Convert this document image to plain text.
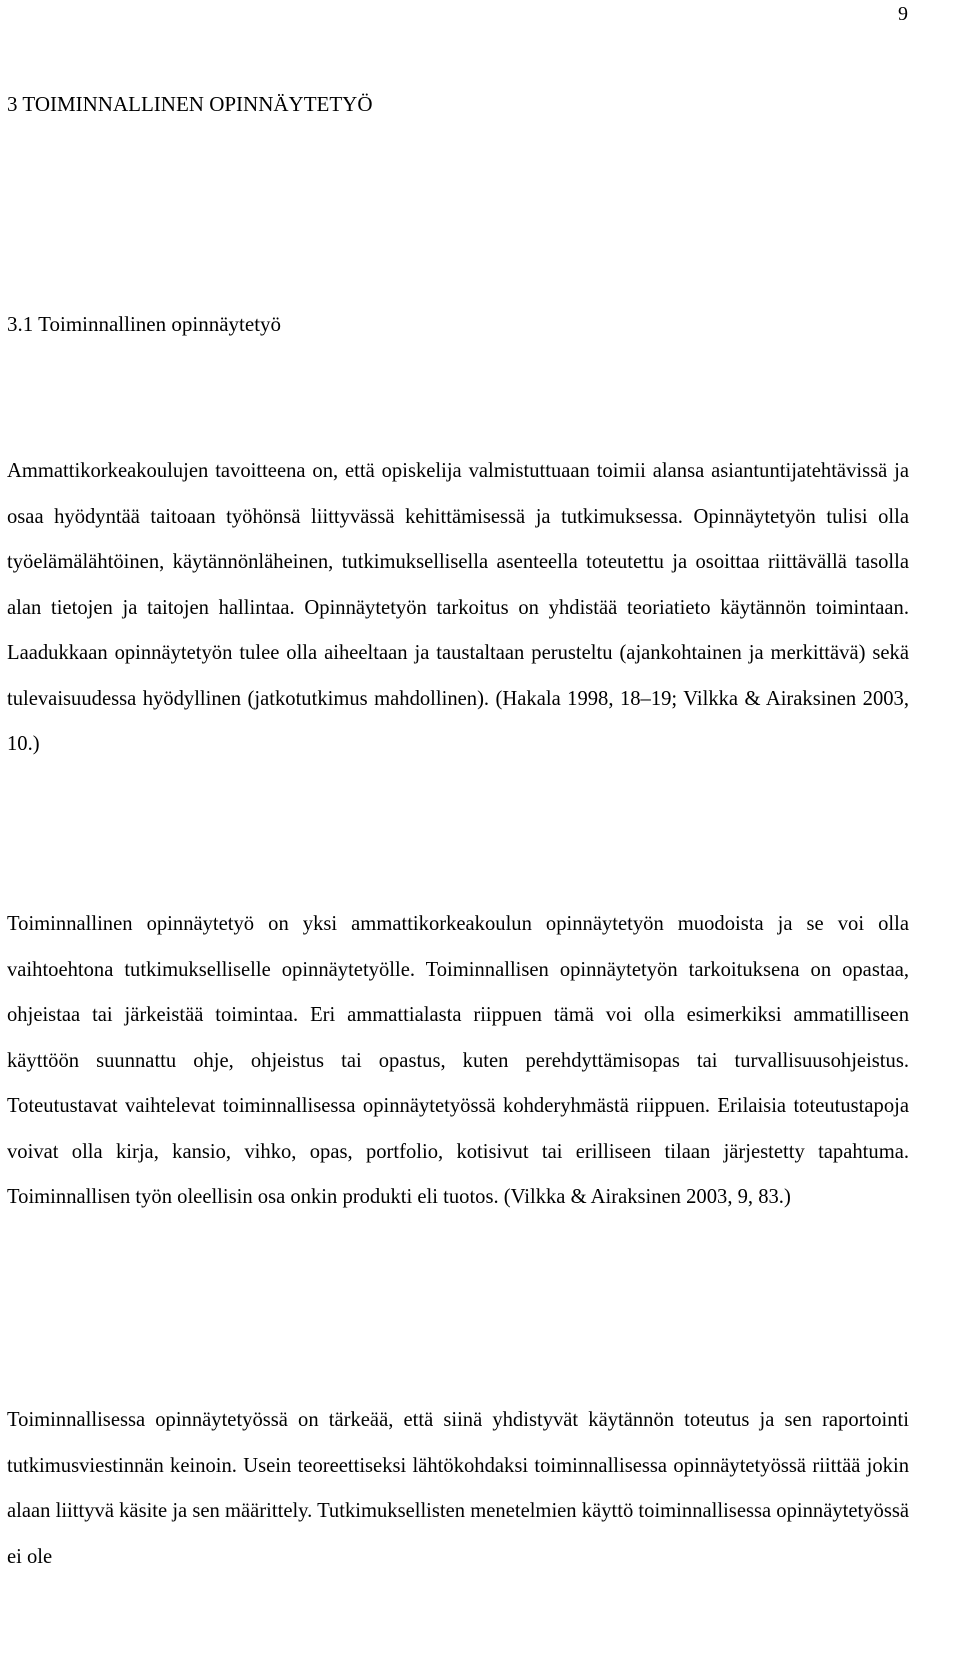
9
3 TOIMINNALLINEN OPINNÄYTETYÖ
3.1 Toiminnallinen opinnäytetyö

Ammattikorkeakoulujen tavoitteena on, että opiskelija valmistuttuaan toimii alansa asiantuntijatehtävissä ja osaa hyödyntää taitoaan työhönsä liittyvässä kehittämisessä ja tutkimuksessa. Opinnäytetyön tulisi olla työelämälähtöinen, käytännönläheinen, tutkimuksellisella asenteella toteutettu ja osoittaa riittävällä tasolla alan tietojen ja taitojen hallintaa. Opinnäytetyön tarkoitus on yhdistää teoriatieto käytännön toimintaan. Laadukkaan opinnäytetyön tulee olla aiheeltaan ja taustaltaan perusteltu (ajankohtainen ja merkittävä) sekä tulevaisuudessa hyödyllinen (jatkotutkimus mahdollinen). (Hakala 1998, 18–19; Vilkka & Airaksinen 2003, 10.)

Toiminnallinen opinnäytetyö on yksi ammattikorkeakoulun opinnäytetyön muodoista ja se voi olla vaihtoehtona tutkimukselliselle opinnäytetyölle. Toiminnallisen opinnäytetyön tarkoituksena on opastaa, ohjeistaa tai järkeistää toimintaa. Eri ammattialasta riippuen tämä voi olla esimerkiksi ammatilliseen käyttöön suunnattu ohje, ohjeistus tai opastus, kuten perehdyttämisopas tai turvallisuusohjeistus. Toteutustavat vaihtelevat toiminnallisessa opinnäytetyössä kohderyhmästä riippuen. Erilaisia toteutustapoja voivat olla kirja, kansio, vihko, opas, portfolio, kotisivut tai erilliseen tilaan järjestetty tapahtuma. Toiminnallisen työn oleellisin osa onkin produkti eli tuotos. (Vilkka & Airaksinen 2003, 9, 83.)

Toiminnallisessa opinnäytetyössä on tärkeää, että siinä yhdistyvät käytännön toteutus ja sen raportointi tutkimusviestinnän keinoin. Usein teoreettiseksi lähtökohdaksi toiminnallisessa opinnäytetyössä riittää jokin alaan liittyvä käsite ja sen määrittely. Tutkimuksellisten menetelmien käyttö toiminnallisessa opinnäytetyössä ei ole
